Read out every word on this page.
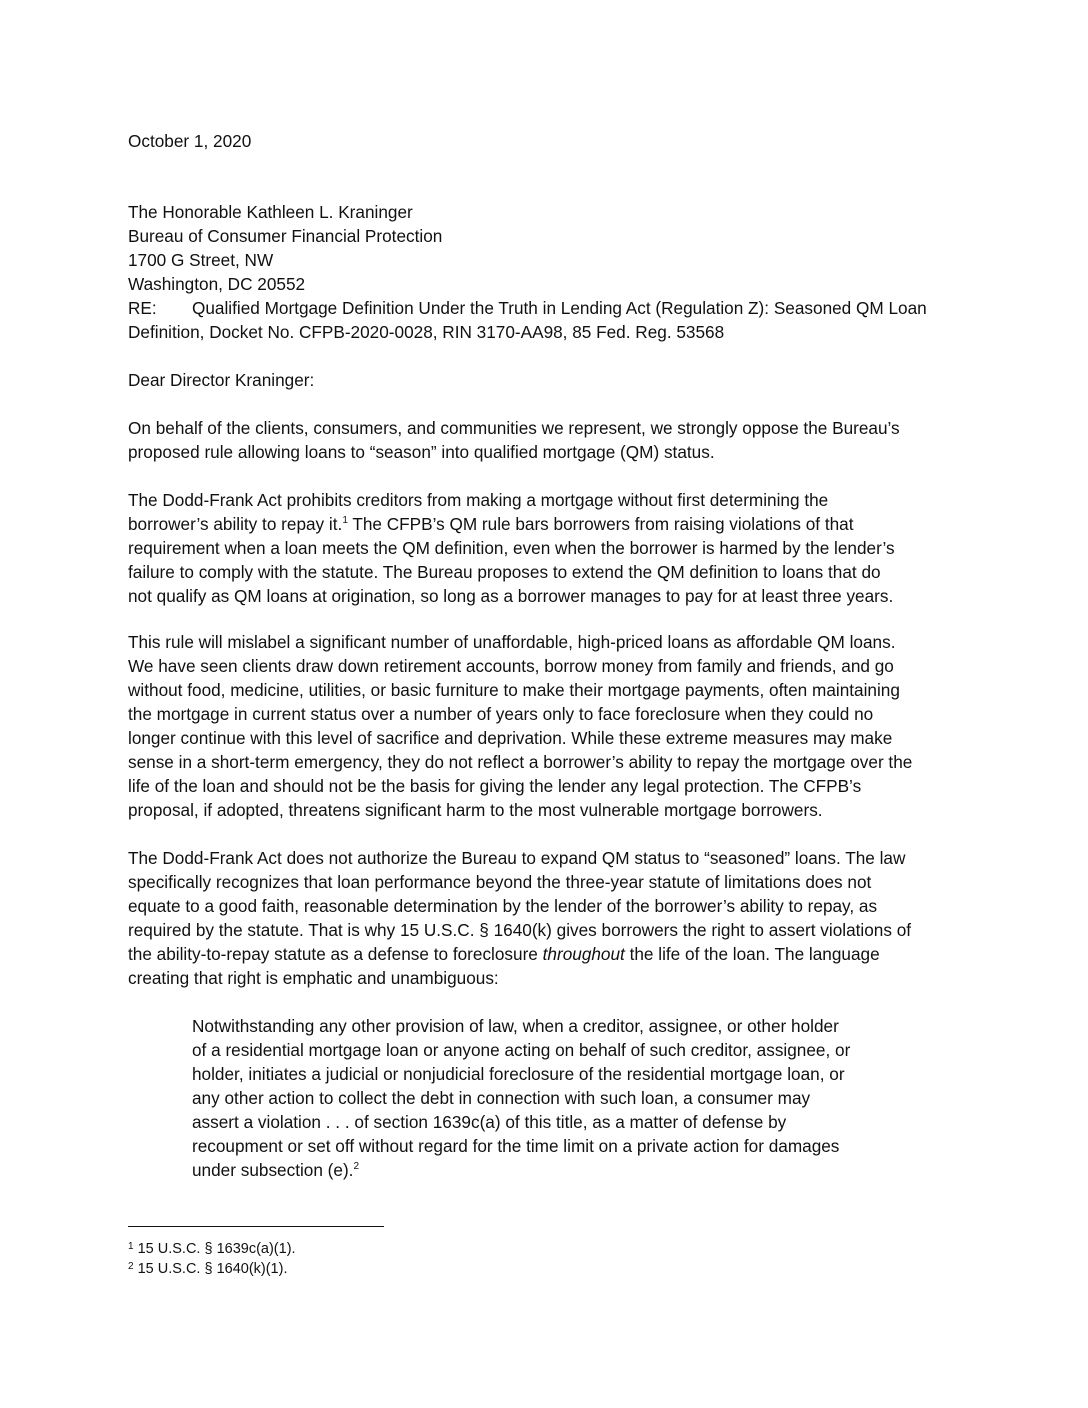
October 1, 2020
The Honorable Kathleen L. Kraninger
Bureau of Consumer Financial Protection
1700 G Street, NW
Washington, DC 20552
RE: Qualified Mortgage Definition Under the Truth in Lending Act (Regulation Z): Seasoned QM Loan
Definition, Docket No. CFPB-2020-0028, RIN 3170-AA98, 85 Fed. Reg. 53568
Dear Director Kraninger:
On behalf of the clients, consumers, and communities we represent, we strongly oppose the Bureau’s
proposed rule allowing loans to “season” into qualified mortgage (QM) status.
The Dodd-Frank Act prohibits creditors from making a mortgage without first determining the
borrower’s ability to repay it.$^1$ The CFPB’s QM rule bars borrowers from raising violations of that
requirement when a loan meets the QM definition, even when the borrower is harmed by the lender’s
failure to comply with the statute. The Bureau proposes to extend the QM definition to loans that do
not qualify as QM loans at origination, so long as a borrower manages to pay for at least three years.
This rule will mislabel a significant number of unaffordable, high-priced loans as affordable QM loans.
We have seen clients draw down retirement accounts, borrow money from family and friends, and go
without food, medicine, utilities, or basic furniture to make their mortgage payments, often maintaining
the mortgage in current status over a number of years only to face foreclosure when they could no
longer continue with this level of sacrifice and deprivation. While these extreme measures may make
sense in a short-term emergency, they do not reflect a borrower’s ability to repay the mortgage over the
life of the loan and should not be the basis for giving the lender any legal protection. The CFPB’s
proposal, if adopted, threatens significant harm to the most vulnerable mortgage borrowers.
The Dodd-Frank Act does not authorize the Bureau to expand QM status to “seasoned” loans. The law
specifically recognizes that loan performance beyond the three-year statute of limitations does not
equate to a good faith, reasonable determination by the lender of the borrower’s ability to repay, as
required by the statute. That is why 15 U.S.C. § 1640(k) gives borrowers the right to assert violations of
the ability-to-repay statute as a defense to foreclosure throughout the life of the loan. The language
creating that right is emphatic and unambiguous:
Notwithstanding any other provision of law, when a creditor, assignee, or other holder
of a residential mortgage loan or anyone acting on behalf of such creditor, assignee, or
holder, initiates a judicial or nonjudicial foreclosure of the residential mortgage loan, or
any other action to collect the debt in connection with such loan, a consumer may
assert a violation . . . of section 1639c(a) of this title, as a matter of defense by
recoupment or set off without regard for the time limit on a private action for damages
under subsection (e).$^2$
$^1$ 15 U.S.C. § 1639c(a)(1).
$^2$ 15 U.S.C. § 1640(k)(1).
